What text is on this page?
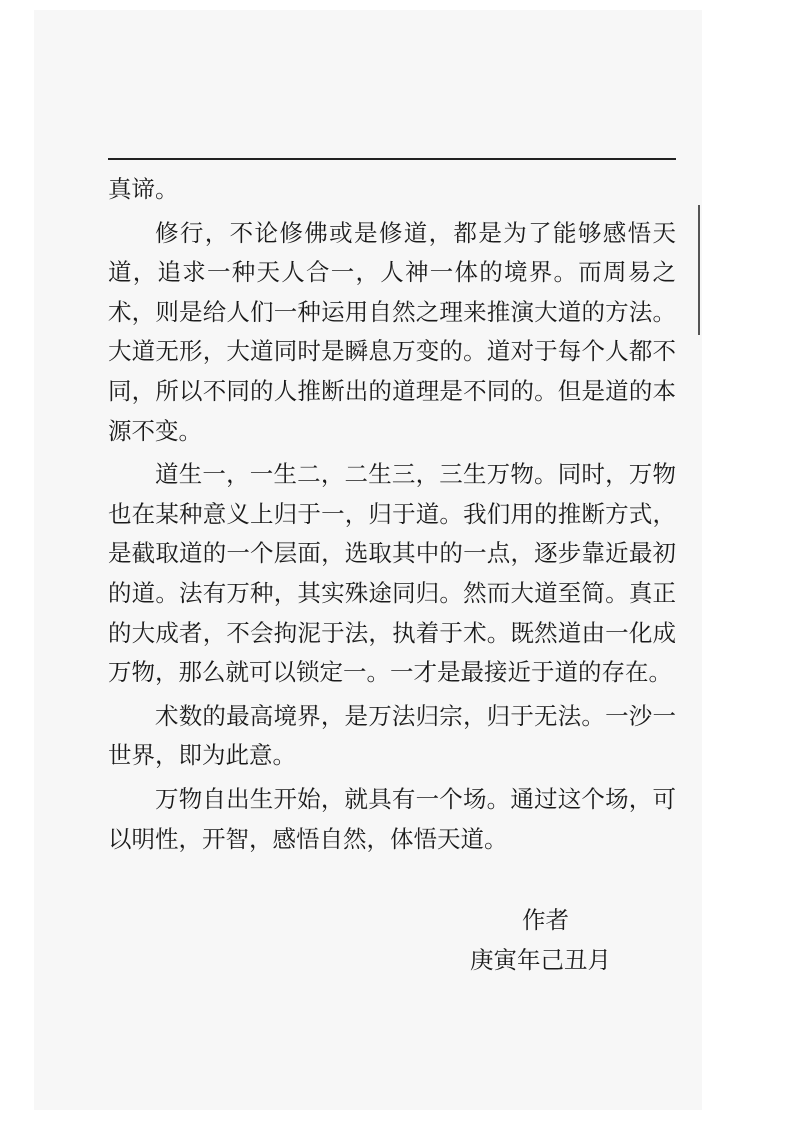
真谛。

修行，不论修佛或是修道，都是为了能够感悟天道，追求一种天人合一，人神一体的境界。而周易之术，则是给人们一种运用自然之理来推演大道的方法。大道无形，大道同时是瞬息万变的。道对于每个人都不同，所以不同的人推断出的道理是不同的。但是道的本源不变。

道生一，一生二，二生三，三生万物。同时，万物也在某种意义上归于一，归于道。我们用的推断方式，是截取道的一个层面，选取其中的一点，逐步靠近最初的道。法有万种，其实殊途同归。然而大道至简。真正的大成者，不会拘泥于法，执着于术。既然道由一化成万物，那么就可以锁定一。一才是最接近于道的存在。

术数的最高境界，是万法归宗，归于无法。一沙一世界，即为此意。

万物自出生开始，就具有一个场。通过这个场，可以明性，开智，感悟自然，体悟天道。

作者
庚寅年己丑月
